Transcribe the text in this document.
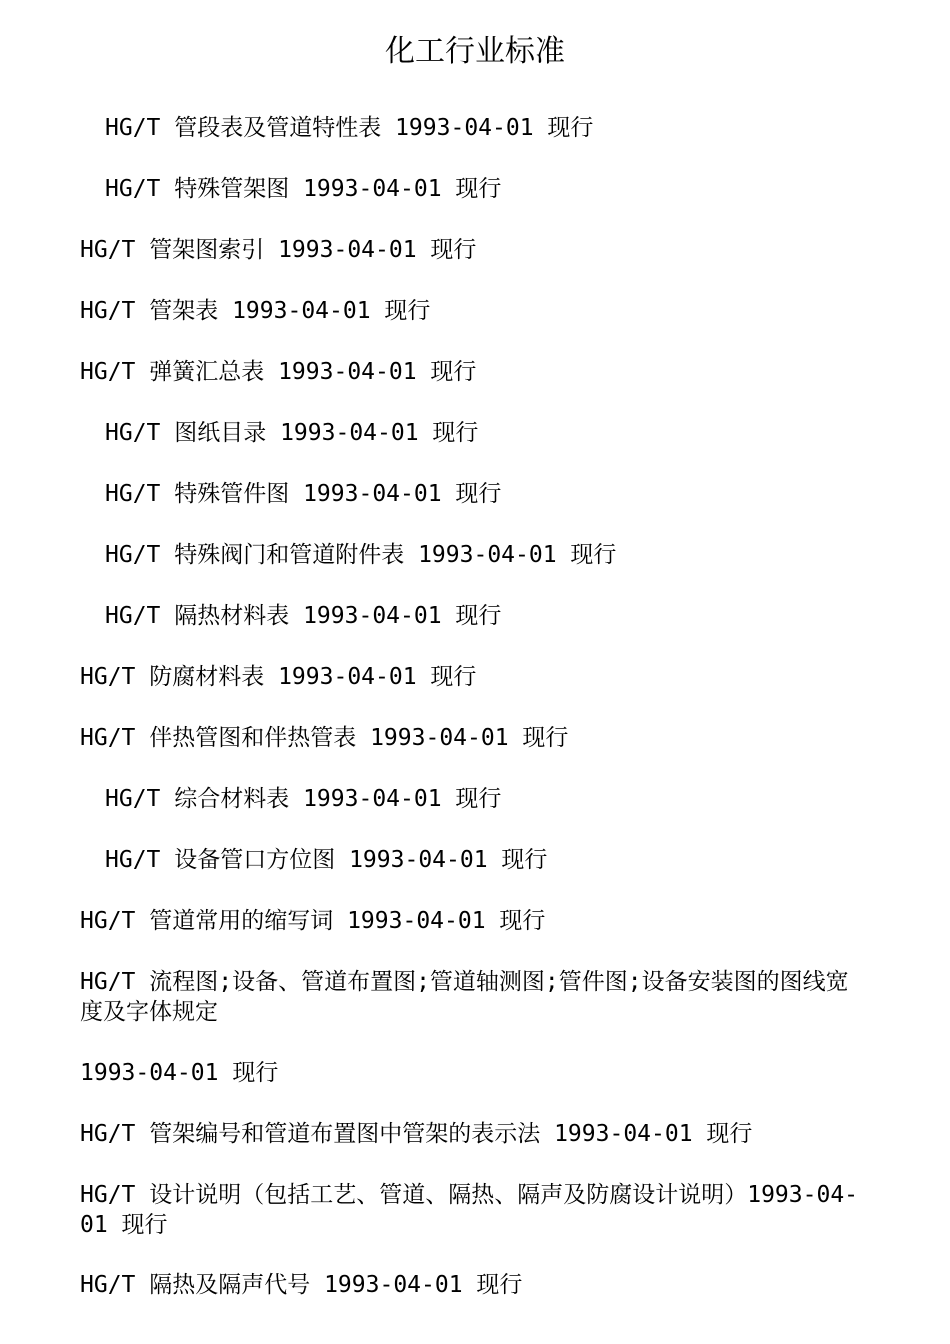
化工行业标准

HG/T 管段表及管道特性表 1993-04-01 现行

HG/T 特殊管架图 1993-04-01 现行

HG/T 管架图索引 1993-04-01 现行

HG/T 管架表 1993-04-01 现行

HG/T 弹簧汇总表 1993-04-01 现行

HG/T 图纸目录 1993-04-01 现行

HG/T 特殊管件图 1993-04-01 现行

HG/T 特殊阀门和管道附件表 1993-04-01 现行

HG/T 隔热材料表 1993-04-01 现行

HG/T 防腐材料表 1993-04-01 现行

HG/T 伴热管图和伴热管表 1993-04-01 现行

HG/T 综合材料表 1993-04-01 现行

HG/T 设备管口方位图 1993-04-01 现行

HG/T 管道常用的缩写词 1993-04-01 现行

HG/T 流程图;设备、管道布置图;管道轴测图;管件图;设备安装图的图线宽度及字体规定

1993-04-01 现行

HG/T 管架编号和管道布置图中管架的表示法 1993-04-01 现行

HG/T 设计说明（包括工艺、管道、隔热、隔声及防腐设计说明）1993-04-01 现行

HG/T 隔热及隔声代号 1993-04-01 现行
